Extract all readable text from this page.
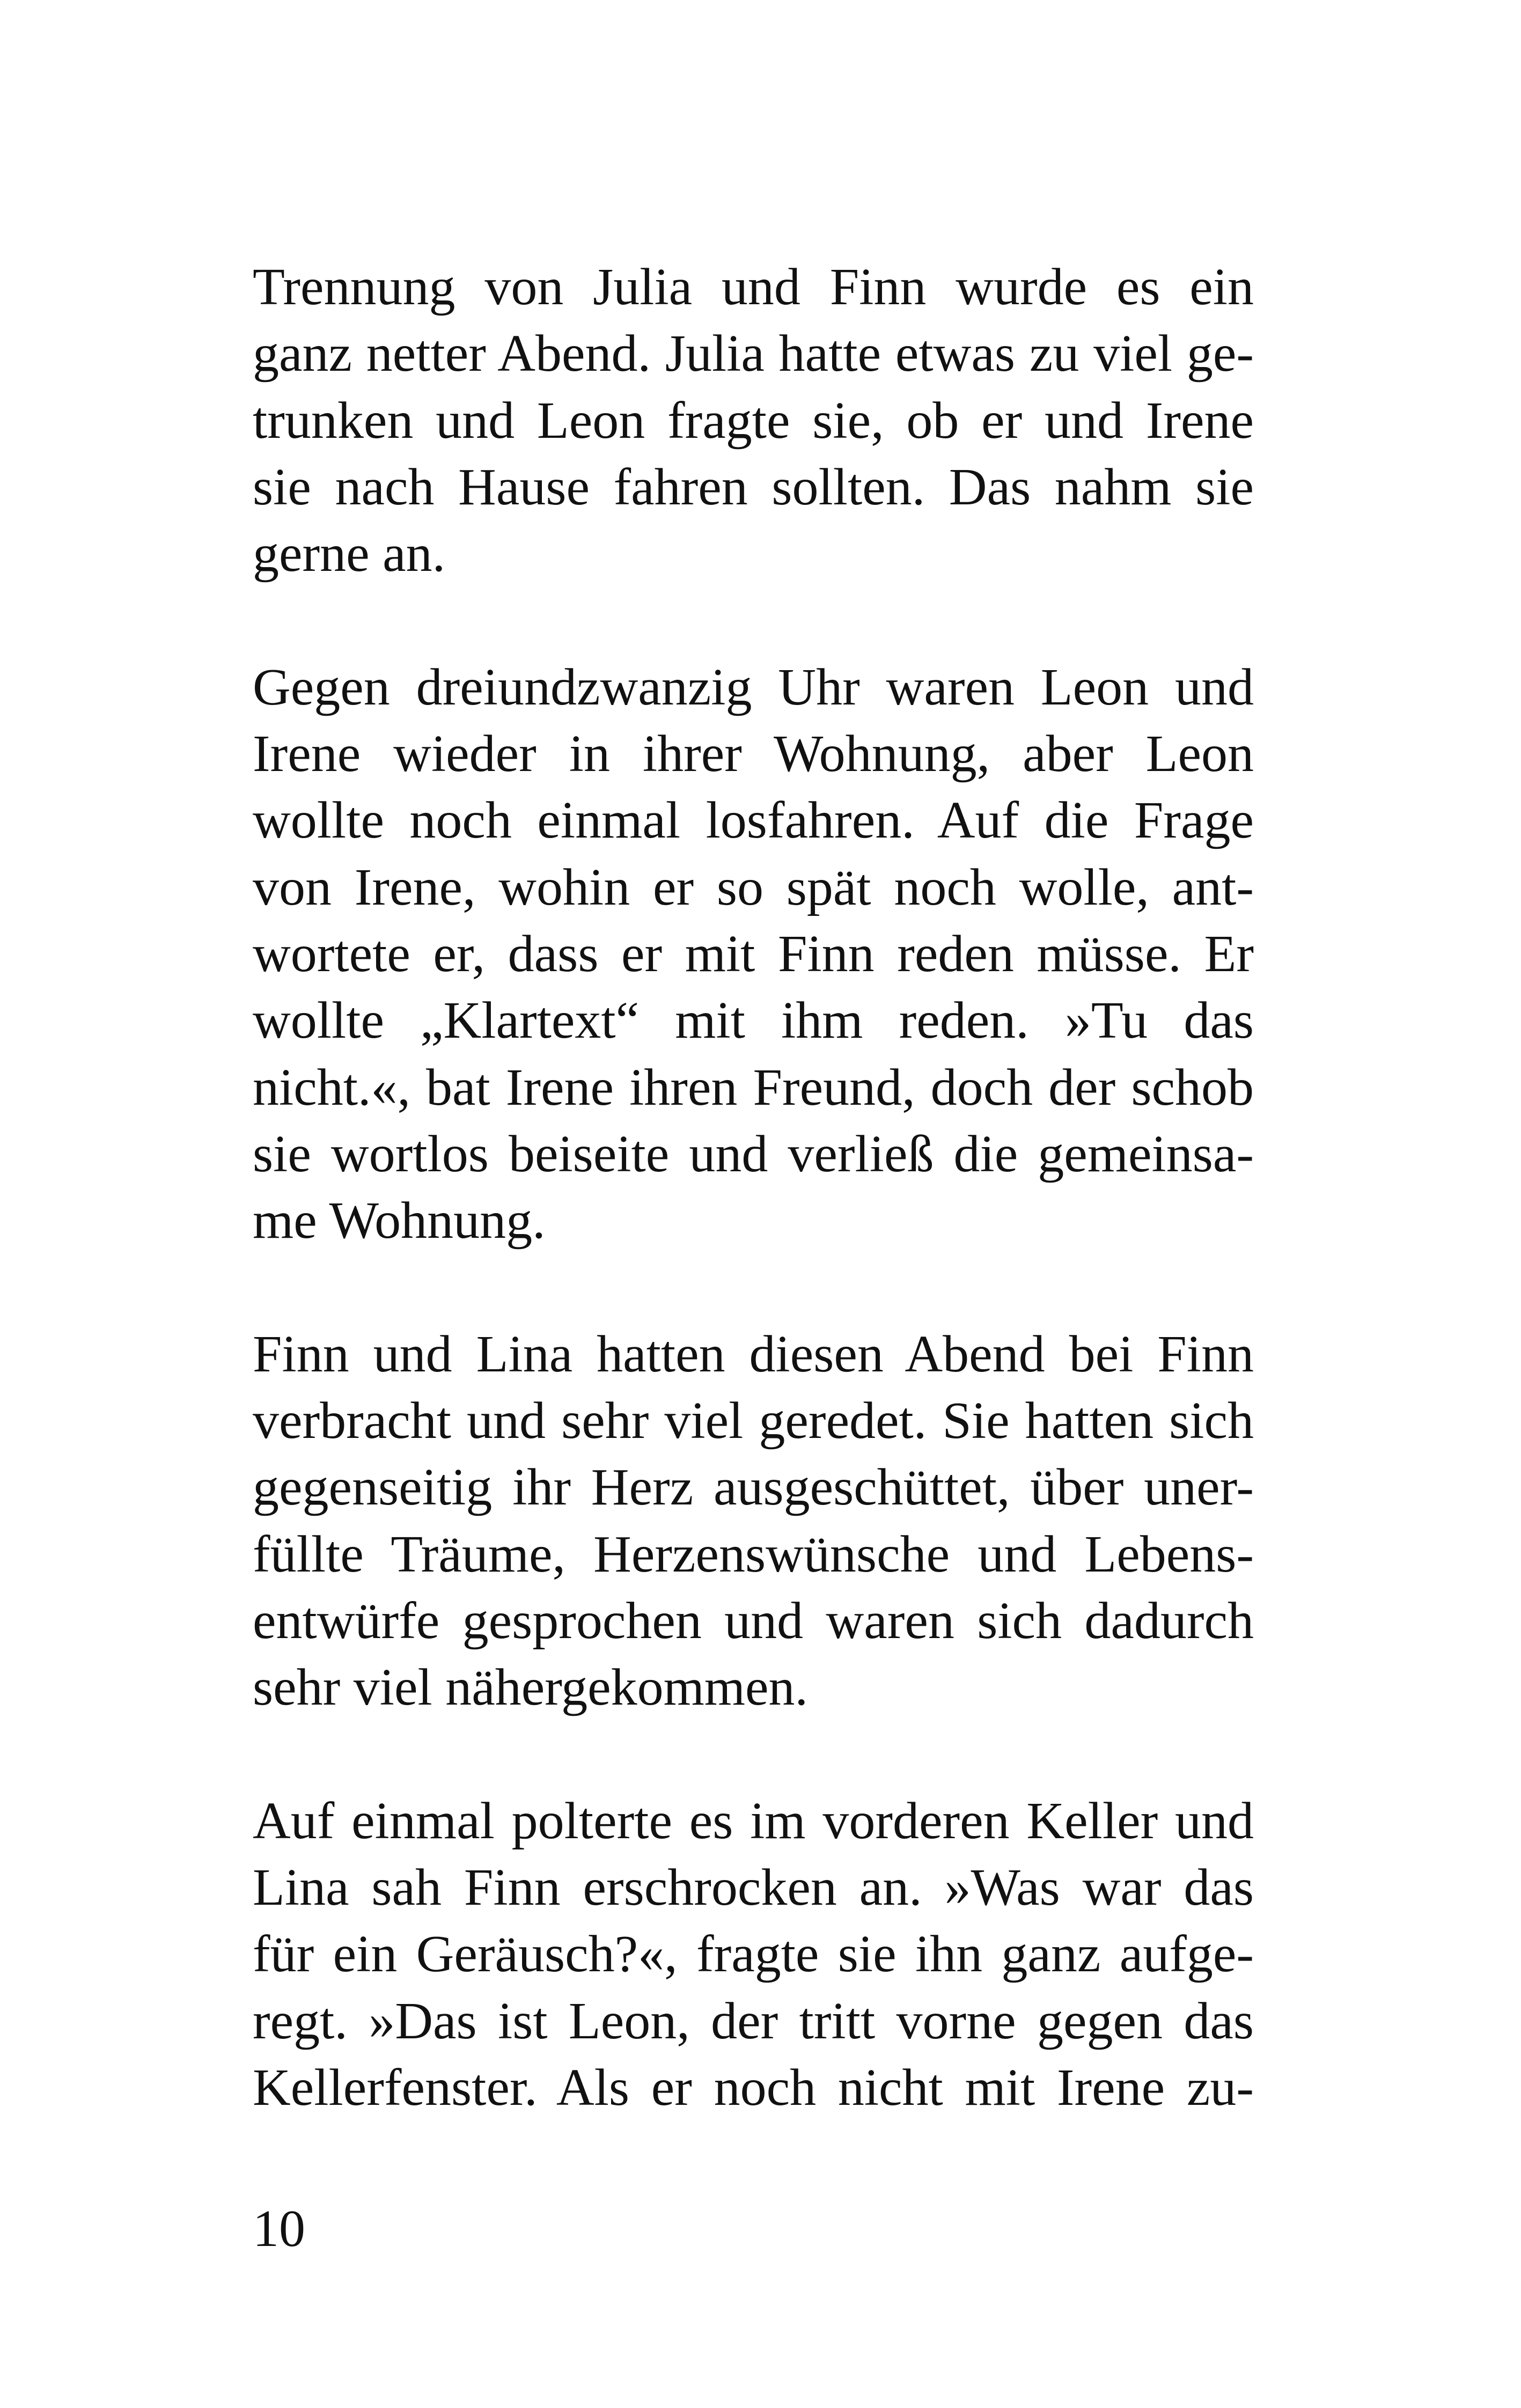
Trennung von Julia und Finn wurde es ein
ganz netter Abend. Julia hatte etwas zu viel ge-
trunken und Leon fragte sie, ob er und Irene
sie nach Hause fahren sollten. Das nahm sie
gerne an.
Gegen dreiundzwanzig Uhr waren Leon und
Irene wieder in ihrer Wohnung, aber Leon
wollte noch einmal losfahren. Auf die Frage
von Irene, wohin er so spät noch wolle, ant-
wortete er, dass er mit Finn reden müsse. Er
wollte „Klartext“ mit ihm reden. »Tu das
nicht.«, bat Irene ihren Freund, doch der schob
sie wortlos beiseite und verließ die gemeinsa-
me Wohnung.
Finn und Lina hatten diesen Abend bei Finn
verbracht und sehr viel geredet. Sie hatten sich
gegenseitig ihr Herz ausgeschüttet, über uner-
füllte Träume, Herzenswünsche und Lebens-
entwürfe gesprochen und waren sich dadurch
sehr viel nähergekommen.
Auf einmal polterte es im vorderen Keller und
Lina sah Finn erschrocken an. »Was war das
für ein Geräusch?«, fragte sie ihn ganz aufge-
regt. »Das ist Leon, der tritt vorne gegen das
Kellerfenster. Als er noch nicht mit Irene zu-
10
